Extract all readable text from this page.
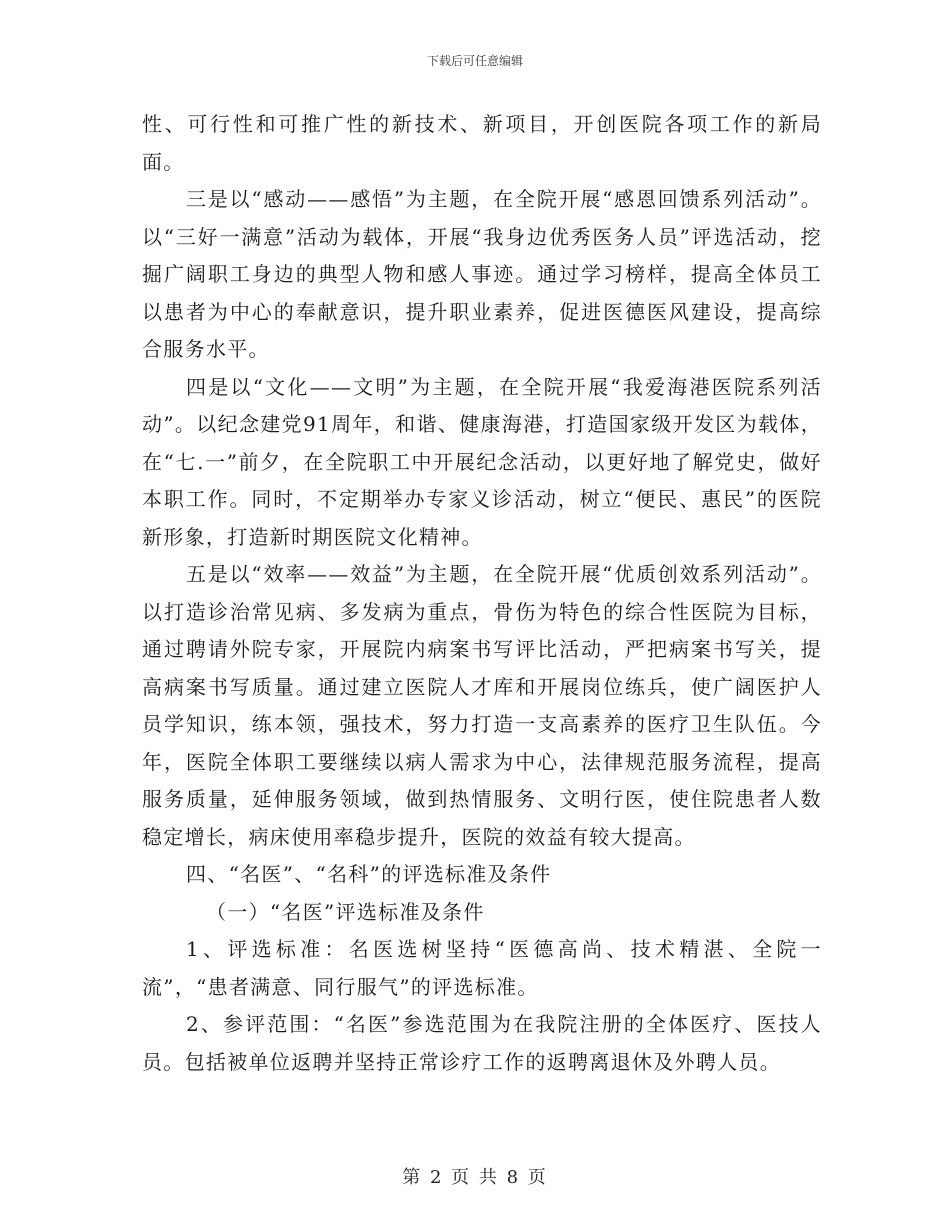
下载后可任意编辑

性、可行性和可推广性的新技术、新项目，开创医院各项工作的新局面。

三是以“感动——感悟”为主题，在全院开展“感恩回馈系列活动”。以“三好一满意”活动为载体，开展“我身边优秀医务人员”评选活动，挖掘广阔职工身边的典型人物和感人事迹。通过学习榜样，提高全体员工以患者为中心的奉献意识，提升职业素养，促进医德医风建设，提高综合服务水平。

四是以“文化——文明”为主题，在全院开展“我爱海港医院系列活动”。以纪念建党91周年，和谐、健康海港，打造国家级开发区为载体，在“七.一”前夕，在全院职工中开展纪念活动，以更好地了解党史，做好本职工作。同时，不定期举办专家义诊活动，树立“便民、惠民”的医院新形象，打造新时期医院文化精神。

五是以“效率——效益”为主题，在全院开展“优质创效系列活动”。以打造诊治常见病、多发病为重点，骨伤为特色的综合性医院为目标，通过聘请外院专家，开展院内病案书写评比活动，严把病案书写关，提高病案书写质量。通过建立医院人才库和开展岗位练兵，使广阔医护人员学知识，练本领，强技术，努力打造一支高素养的医疗卫生队伍。今年，医院全体职工要继续以病人需求为中心，法律规范服务流程，提高服务质量，延伸服务领域，做到热情服务、文明行医，使住院患者人数稳定增长，病床使用率稳步提升，医院的效益有较大提高。

四、“名医”、“名科”的评选标准及条件

（一）“名医”评选标准及条件

1、评选标准：名医选树坚持“医德高尚、技术精湛、全院一流”，“患者满意、同行服气”的评选标准。

2、参评范围：“名医”参选范围为在我院注册的全体医疗、医技人员。包括被单位返聘并坚持正常诊疗工作的返聘离退休及外聘人员。

第 2 页 共 8 页
